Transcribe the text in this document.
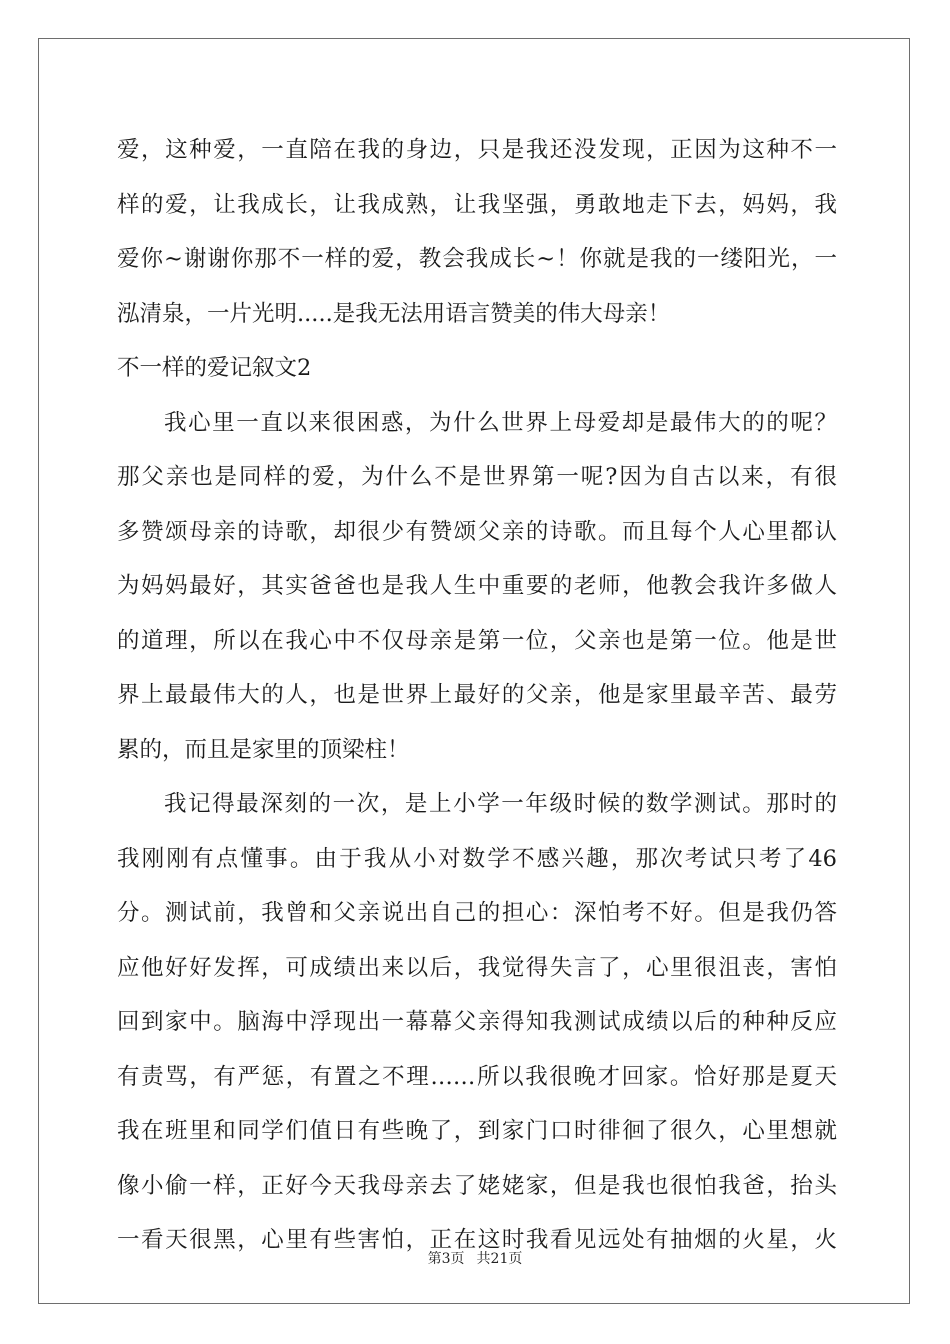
爱，这种爱，一直陪在我的身边，只是我还没发现，正因为这种不一
样的爱，让我成长，让我成熟，让我坚强，勇敢地走下去，妈妈，我
爱你~谢谢你那不一样的爱，教会我成长~！你就是我的一缕阳光，一
泓清泉，一片光明.....是我无法用语言赞美的伟大母亲！
不一样的爱记叙文2
我心里一直以来很困惑，为什么世界上母爱却是最伟大的的呢？
那父亲也是同样的爱，为什么不是世界第一呢?因为自古以来，有很
多赞颂母亲的诗歌，却很少有赞颂父亲的诗歌。而且每个人心里都认
为妈妈最好，其实爸爸也是我人生中重要的老师，他教会我许多做人
的道理，所以在我心中不仅母亲是第一位，父亲也是第一位。他是世
界上最最伟大的人，也是世界上最好的父亲，他是家里最辛苦、最劳
累的，而且是家里的顶梁柱！
我记得最深刻的一次，是上小学一年级时候的数学测试。那时的
我刚刚有点懂事。由于我从小对数学不感兴趣，那次考试只考了46
分。测试前，我曾和父亲说出自己的担心：深怕考不好。但是我仍答
应他好好发挥，可成绩出来以后，我觉得失言了，心里很沮丧，害怕
回到家中。脑海中浮现出一幕幕父亲得知我测试成绩以后的种种反应
有责骂，有严惩，有置之不理……所以我很晚才回家。恰好那是夏天
我在班里和同学们值日有些晚了，到家门口时徘徊了很久，心里想就
像小偷一样，正好今天我母亲去了姥姥家，但是我也很怕我爸，抬头
一看天很黑，心里有些害怕，正在这时我看见远处有抽烟的火星，火
第3页 共21页
